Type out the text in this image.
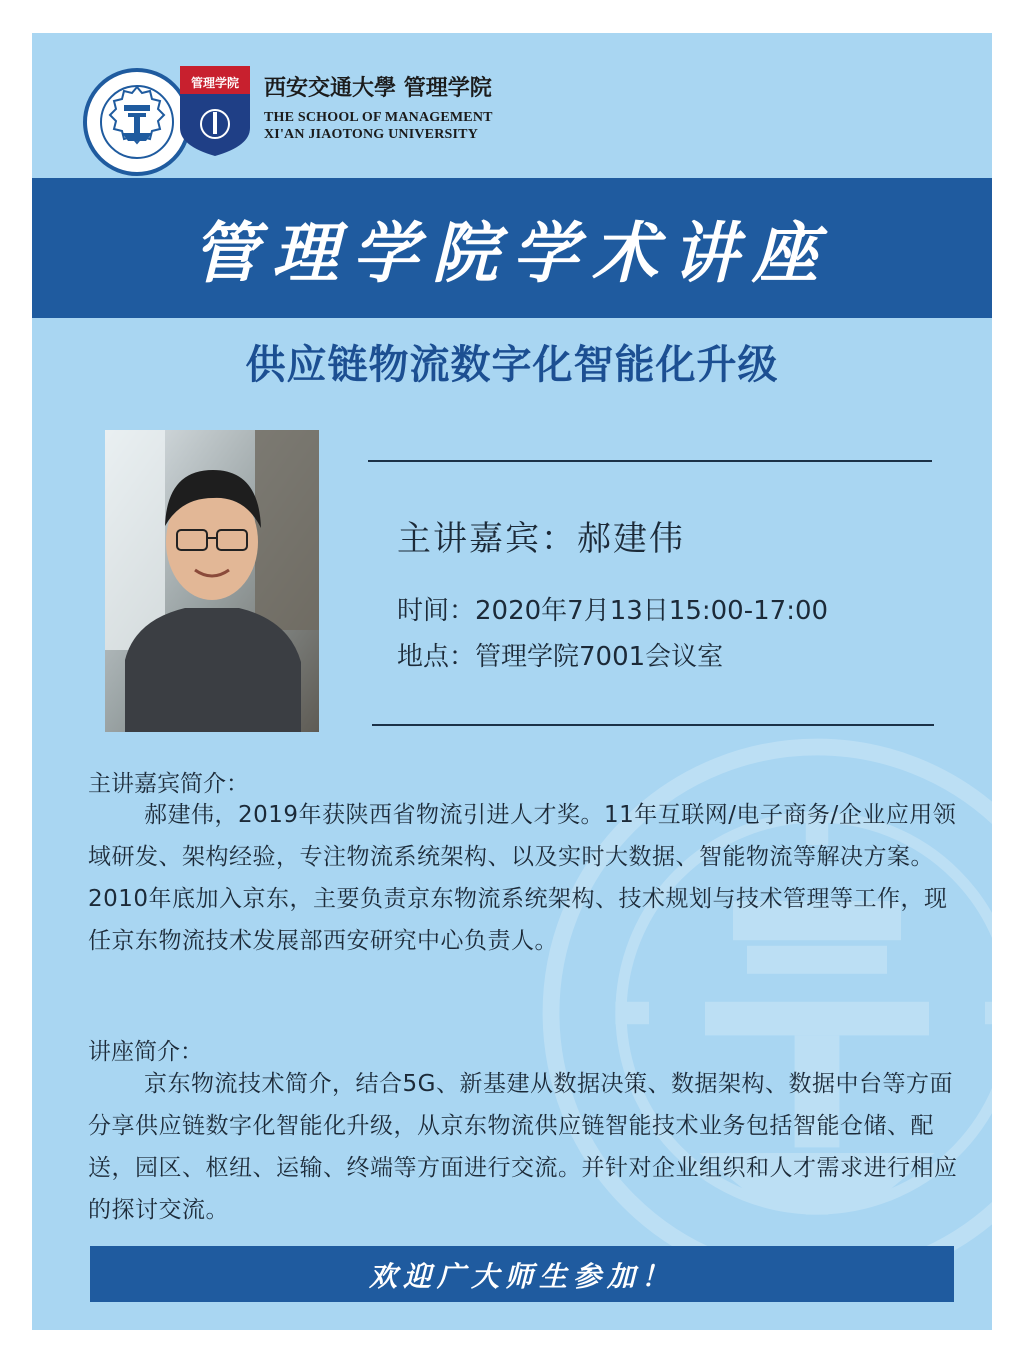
管理学院 西安交通大學 管理学院
THE SCHOOL OF MANAGEMENT
XI'AN JIAOTONG UNIVERSITY
管理学院学术讲座
供应链物流数字化智能化升级
主讲嘉宾：郝建伟
时间：2020年7月13日15:00-17:00
地点：管理学院7001会议室
主讲嘉宾简介：
郝建伟，2019年获陕西省物流引进人才奖。11年互联网/电子商务/企业应用领域研发、架构经验，专注物流系统架构、以及实时大数据、智能物流等解决方案。2010年底加入京东，主要负责京东物流系统架构、技术规划与技术管理等工作，现任京东物流技术发展部西安研究中心负责人。
讲座简介：
京东物流技术简介，结合5G、新基建从数据决策、数据架构、数据中台等方面分享供应链数字化智能化升级，从京东物流供应链智能技术业务包括智能仓储、配送，园区、枢纽、运输、终端等方面进行交流。并针对企业组织和人才需求进行相应的探讨交流。
欢迎广大师生参加！
